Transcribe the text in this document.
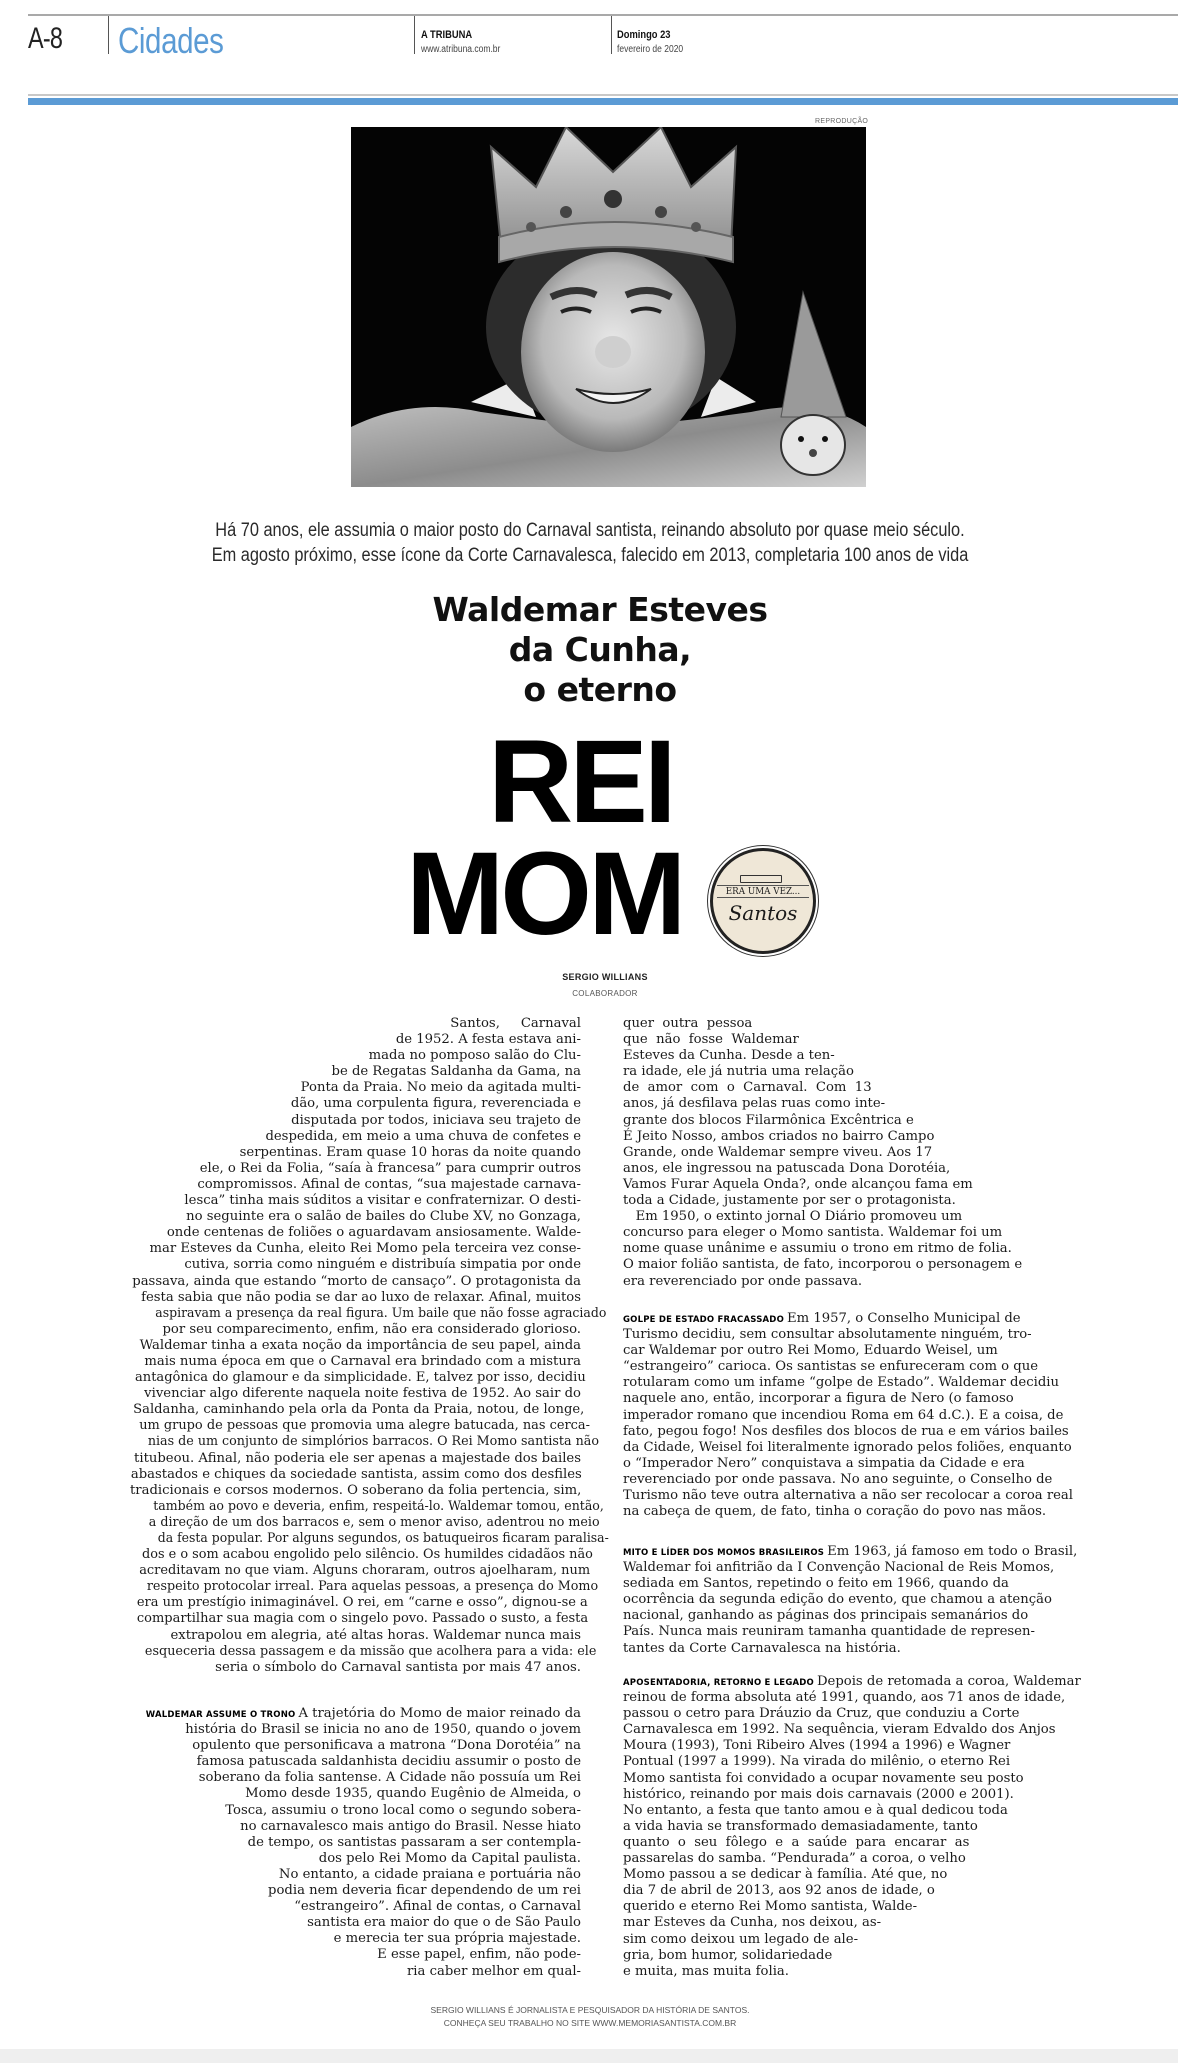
A-8 Cidades	A TRIBUNA
www.atribuna.com.br
Domingo 23
fevereiro de 2020
REPRODUÇÃO
Há 70 anos, ele assumia o maior posto do Carnaval santista, reinando absoluto por quase meio século.
Em agosto próximo, esse ícone da Corte Carnavalesca, falecido em 2013, completaria 100 anos de vida
Waldemar Esteves
da Cunha,
o eterno
REI
MOM	ERA UMA VEZ...
Santos
SERGIO WILLIANS
COLABORADOR
Santos,     Carnaval
de 1952. A festa estava ani-
mada no pomposo salão do Clu-
be de Regatas Saldanha da Gama, na
Ponta da Praia. No meio da agitada multi-
dão, uma corpulenta figura, reverenciada e
disputada por todos, iniciava seu trajeto de
despedida, em meio a uma chuva de confetes e
serpentinas. Eram quase 10 horas da noite quando
ele, o Rei da Folia, “saía à francesa” para cumprir outros
compromissos. Afinal de contas, “sua majestade carnava-
lesca” tinha mais súditos a visitar e confraternizar. O desti-
no seguinte era o salão de bailes do Clube XV, no Gonzaga,
onde centenas de foliões o aguardavam ansiosamente. Walde-
mar Esteves da Cunha, eleito Rei Momo pela terceira vez conse-
cutiva, sorria como ninguém e distribuía simpatia por onde
passava, ainda que estando “morto de cansaço”. O protagonista da
festa sabia que não podia se dar ao luxo de relaxar. Afinal, muitos
aspiravam a presença da real figura. Um baile que não fosse agraciado
por seu comparecimento, enfim, não era considerado glorioso.
Waldemar tinha a exata noção da importância de seu papel, ainda
mais numa época em que o Carnaval era brindado com a mistura
antagônica do glamour e da simplicidade. E, talvez por isso, decidiu
vivenciar algo diferente naquela noite festiva de 1952. Ao sair do
Saldanha, caminhando pela orla da Ponta da Praia, notou, de longe,
um grupo de pessoas que promovia uma alegre batucada, nas cerca-
nias de um conjunto de simplórios barracos. O Rei Momo santista não
titubeou. Afinal, não poderia ele ser apenas a majestade dos bailes
abastados e chiques da sociedade santista, assim como dos desfiles
tradicionais e corsos modernos. O soberano da folia pertencia, sim,
também ao povo e deveria, enfim, respeitá-lo. Waldemar tomou, então,
a direção de um dos barracos e, sem o menor aviso, adentrou no meio
da festa popular. Por alguns segundos, os batuqueiros ficaram paralisa-
dos e o som acabou engolido pelo silêncio. Os humildes cidadãos não
acreditavam no que viam. Alguns choraram, outros ajoelharam, num
respeito protocolar irreal. Para aquelas pessoas, a presença do Momo
era um prestígio inimaginável. O rei, em “carne e osso”, dignou-se a
compartilhar sua magia com o singelo povo. Passado o susto, a festa
extrapolou em alegria, até altas horas. Waldemar nunca mais
esqueceria dessa passagem e da missão que acolhera para a vida: ele
seria o símbolo do Carnaval santista por mais 47 anos.
WALDEMAR ASSUME O TRONO A trajetória do Momo de maior reinado da
história do Brasil se inicia no ano de 1950, quando o jovem
opulento que personificava a matrona “Dona Dorotéia” na
famosa patuscada saldanhista decidiu assumir o posto de
soberano da folia santense. A Cidade não possuía um Rei
Momo desde 1935, quando Eugênio de Almeida, o
Tosca, assumiu o trono local como o segundo sobera-
no carnavalesco mais antigo do Brasil. Nesse hiato
de tempo, os santistas passaram a ser contempla-
dos pelo Rei Momo da Capital paulista.
No entanto, a cidade praiana e portuária não
podia nem deveria ficar dependendo de um rei
“estrangeiro”. Afinal de contas, o Carnaval
santista era maior do que o de São Paulo
e merecia ter sua própria majestade.
E esse papel, enfim, não pode-
ria caber melhor em qual-
quer  outra  pessoa
que  não  fosse  Waldemar
Esteves da Cunha. Desde a ten-
ra idade, ele já nutria uma relação
de  amor  com  o  Carnaval.  Com  13
anos, já desfilava pelas ruas como inte-
grante dos blocos Filarmônica Excêntrica e
É Jeito Nosso, ambos criados no bairro Campo
Grande, onde Waldemar sempre viveu. Aos 17
anos, ele ingressou na patuscada Dona Dorotéia,
Vamos Furar Aquela Onda?, onde alcançou fama em
toda a Cidade, justamente por ser o protagonista.
Em 1950, o extinto jornal O Diário promoveu um
concurso para eleger o Momo santista. Waldemar foi um
nome quase unânime e assumiu o trono em ritmo de folia.
O maior folião santista, de fato, incorporou o personagem e
era reverenciado por onde passava.
GOLPE DE ESTADO FRACASSADO Em 1957, o Conselho Municipal de
Turismo decidiu, sem consultar absolutamente ninguém, tro-
car Waldemar por outro Rei Momo, Eduardo Weisel, um
“estrangeiro” carioca. Os santistas se enfureceram com o que
rotularam como um infame “golpe de Estado”. Waldemar decidiu
naquele ano, então, incorporar a figura de Nero (o famoso
imperador romano que incendiou Roma em 64 d.C.). E a coisa, de
fato, pegou fogo! Nos desfiles dos blocos de rua e em vários bailes
da Cidade, Weisel foi literalmente ignorado pelos foliões, enquanto
o “Imperador Nero” conquistava a simpatia da Cidade e era
reverenciado por onde passava. No ano seguinte, o Conselho de
Turismo não teve outra alternativa a não ser recolocar a coroa real
na cabeça de quem, de fato, tinha o coração do povo nas mãos.
MITO E LÍDER DOS MOMOS BRASILEIROS Em 1963, já famoso em todo o Brasil,
Waldemar foi anfitrião da I Convenção Nacional de Reis Momos,
sediada em Santos, repetindo o feito em 1966, quando da
ocorrência da segunda edição do evento, que chamou a atenção
nacional, ganhando as páginas dos principais semanários do
País. Nunca mais reuniram tamanha quantidade de represen-
tantes da Corte Carnavalesca na história.
APOSENTADORIA, RETORNO E LEGADO Depois de retomada a coroa, Waldemar
reinou de forma absoluta até 1991, quando, aos 71 anos de idade,
passou o cetro para Dráuzio da Cruz, que conduziu a Corte
Carnavalesca em 1992. Na sequência, vieram Edvaldo dos Anjos
Moura (1993), Toni Ribeiro Alves (1994 a 1996) e Wagner
Pontual (1997 a 1999). Na virada do milênio, o eterno Rei
Momo santista foi convidado a ocupar novamente seu posto
histórico, reinando por mais dois carnavais (2000 e 2001).
No entanto, a festa que tanto amou e à qual dedicou toda
a vida havia se transformado demasiadamente, tanto
quanto  o  seu  fôlego  e  a  saúde  para  encarar  as
passarelas do samba. “Pendurada” a coroa, o velho
Momo passou a se dedicar à família. Até que, no
dia 7 de abril de 2013, aos 92 anos de idade, o
querido e eterno Rei Momo santista, Walde-
mar Esteves da Cunha, nos deixou, as-
sim como deixou um legado de ale-
gria, bom humor, solidariedade
e muita, mas muita folia.
SERGIO WILLIANS É JORNALISTA E PESQUISADOR DA HISTÓRIA DE SANTOS.
CONHEÇA SEU TRABALHO NO SITE WWW.MEMORIASANTISTA.COM.BR
